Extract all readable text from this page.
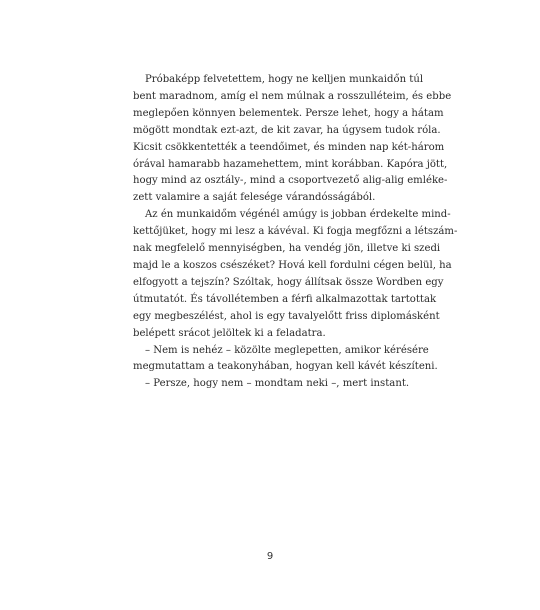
Próbaképp felvetettem, hogy ne kelljen munkaidőn túl
bent maradnom, amíg el nem múlnak a rosszulléteim, és ebbe
meglepően könnyen belementek. Persze lehet, hogy a hátam
mögött mondtak ezt-azt, de kit zavar, ha úgysem tudok róla.
Kicsit csökkentették a teendőimet, és minden nap két-három
órával hamarabb hazamehettem, mint korábban. Kapóra jött,
hogy mind az osztály-, mind a csoportvezető alig-alig emléke-
zett valamire a saját felesége várandósságából.

Az én munkaidőm végénél amúgy is jobban érdekelte mind-
kettőjüket, hogy mi lesz a kávéval. Ki fogja megfőzni a létszám-
nak megfelelő mennyiségben, ha vendég jön, illetve ki szedi
majd le a koszos csészéket? Hová kell fordulni cégen belül, ha
elfogyott a tejszín? Szóltak, hogy állítsak össze Wordben egy
útmutatót. És távollétemben a férfi alkalmazottak tartottak
egy megbeszélést, ahol is egy tavalyelőtt friss diplomásként
belépett srácot jelöltek ki a feladatra.

– Nem is nehéz – közölte meglepetten, amikor kérésére
megmutattam a teakonyhában, hogyan kell kávét készíteni.

– Persze, hogy nem – mondtam neki –, mert instant.

9
